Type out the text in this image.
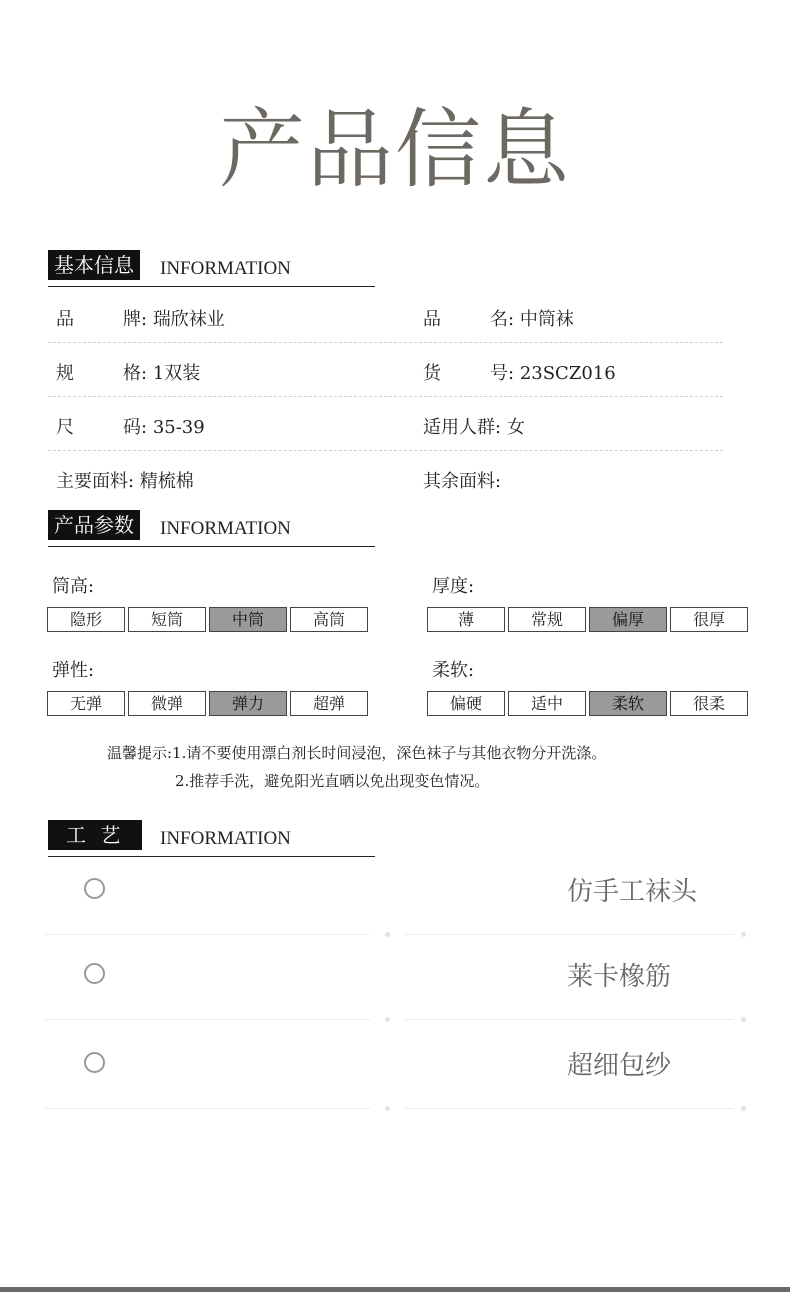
产品信息
基本信息	INFORMATION
品	牌 : 瑞欣袜业	品	名 : 中筒袜
规	格 : 1双装	货	号 : 23SCZ016
尺	码 : 35-39	适用人群: 女
主要面料: 精梳棉	其余面料:
产品参数	INFORMATION
筒高:
隐形	短筒	中筒	高筒
厚度:
薄	常规	偏厚	很厚
弹性:
无弹	微弹	弹力	超弹
柔软:
偏硬	适中	柔软	很柔
温馨提示:1.请不要使用漂白剂长时间浸泡，深色袜子与其他衣物分开洗涤。
2.推荐手洗，避免阳光直晒以免出现变色情况。
工 艺	INFORMATION
仿手工袜头
莱卡橡筋
超细包纱
